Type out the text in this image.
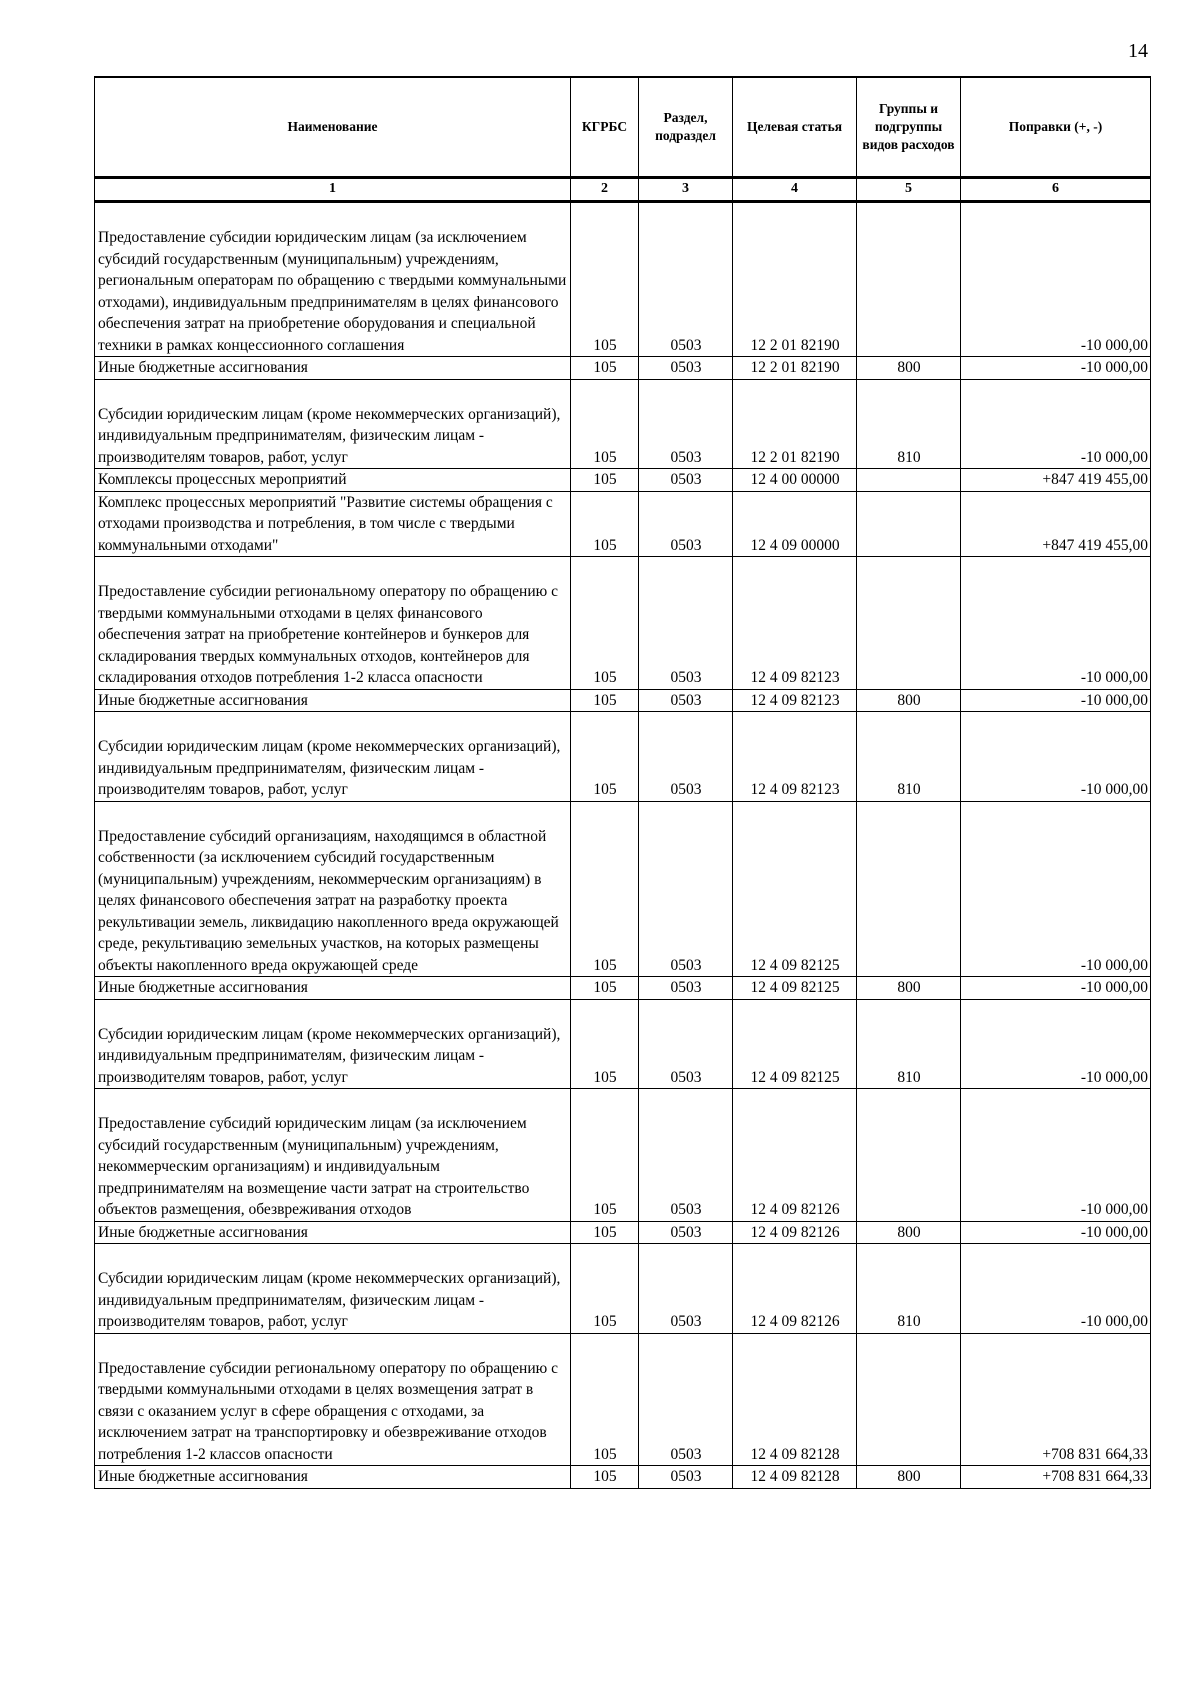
14
Наименование	КГРБС	Раздел, подраздел	Целевая статья	Группы и подгруппы видов расходов	Поправки (+, -)
1	2	3	4	5	6

Предоставление субсидии юридическим лицам (за исключением субсидий государственным (муниципальным) учреждениям, региональным операторам по обращению с твердыми коммунальными отходами), индивидуальным предпринимателям в целях финансового обеспечения затрат на приобретение оборудования и специальной техники в рамках концессионного соглашения	105	0503	12 2 01 82190		-10 000,00

Иные бюджетные ассигнования	105	0503	12 2 01 82190	800	-10 000,00

Субсидии юридическим лицам (кроме некоммерческих организаций), индивидуальным предпринимателям, физическим лицам - производителям товаров, работ, услуг	105	0503	12 2 01 82190	810	-10 000,00

Комплексы процессных мероприятий	105	0503	12 4 00 00000		+847 419 455,00

Комплекс процессных мероприятий "Развитие системы обращения с отходами производства и потребления, в том числе с твердыми коммунальными отходами"	105	0503	12 4 09 00000		+847 419 455,00

Предоставление субсидии региональному оператору по обращению с твердыми коммунальными отходами в целях финансового обеспечения затрат на приобретение контейнеров и бункеров для складирования твердых коммунальных отходов, контейнеров для складирования отходов потребления 1-2 класса опасности	105	0503	12 4 09 82123		-10 000,00

Иные бюджетные ассигнования	105	0503	12 4 09 82123	800	-10 000,00

Субсидии юридическим лицам (кроме некоммерческих организаций), индивидуальным предпринимателям, физическим лицам - производителям товаров, работ, услуг	105	0503	12 4 09 82123	810	-10 000,00

Предоставление субсидий организациям, находящимся в областной собственности (за исключением субсидий государственным (муниципальным) учреждениям, некоммерческим организациям) в целях финансового обеспечения затрат на разработку проекта рекультивации земель, ликвидацию накопленного вреда окружающей среде, рекультивацию земельных участков, на которых размещены объекты накопленного вреда окружающей среде	105	0503	12 4 09 82125		-10 000,00

Иные бюджетные ассигнования	105	0503	12 4 09 82125	800	-10 000,00

Субсидии юридическим лицам (кроме некоммерческих организаций), индивидуальным предпринимателям, физическим лицам - производителям товаров, работ, услуг	105	0503	12 4 09 82125	810	-10 000,00

Предоставление субсидий юридическим лицам (за исключением субсидий государственным (муниципальным) учреждениям, некоммерческим организациям) и индивидуальным предпринимателям на возмещение части затрат на строительство объектов размещения, обезвреживания отходов	105	0503	12 4 09 82126		-10 000,00

Иные бюджетные ассигнования	105	0503	12 4 09 82126	800	-10 000,00

Субсидии юридическим лицам (кроме некоммерческих организаций), индивидуальным предпринимателям, физическим лицам - производителям товаров, работ, услуг	105	0503	12 4 09 82126	810	-10 000,00

Предоставление субсидии региональному оператору по обращению с твердыми коммунальными отходами в целях возмещения затрат в связи с оказанием услуг в сфере обращения с отходами, за исключением затрат на транспортировку и обезвреживание отходов потребления 1-2 классов опасности	105	0503	12 4 09 82128		+708 831 664,33

Иные бюджетные ассигнования	105	0503	12 4 09 82128	800	+708 831 664,33
